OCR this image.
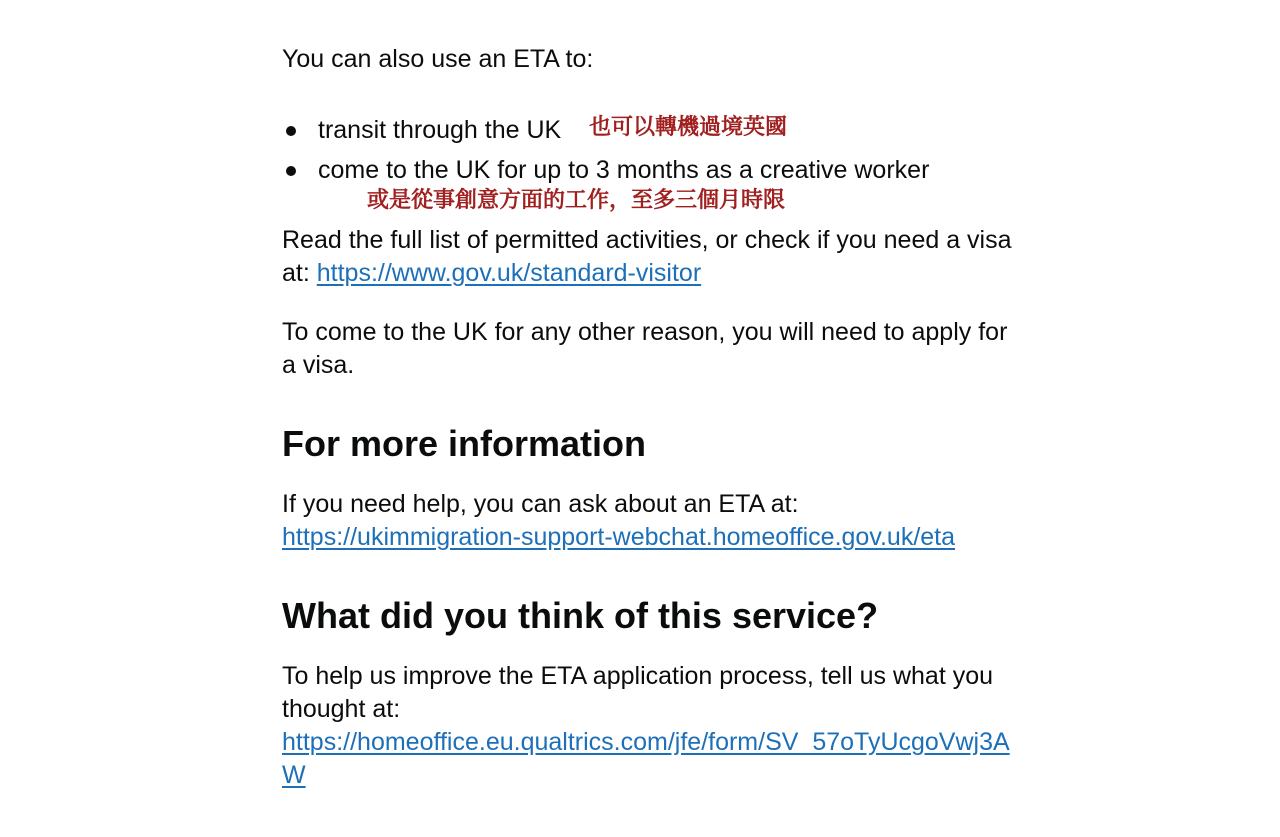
You can also use an ETA to:

transit through the UK 也可以轉機過境英國
come to the UK for up to 3 months as a creative worker
或是從事創意方面的工作，至多三個月時限

Read the full list of permitted activities, or check if you need a visa

at: https://www.gov.uk/standard-visitor

To come to the UK for any other reason, you will need to apply for

a visa.

For more information

If you need help, you can ask about an ETA at:

https://ukimmigration-support-webchat.homeoffice.gov.uk/eta

What did you think of this service?

To help us improve the ETA application process, tell us what you

thought at:

https://homeoffice.eu.qualtrics.com/jfe/form/SV_57oTyUcgoVwj3A

W
